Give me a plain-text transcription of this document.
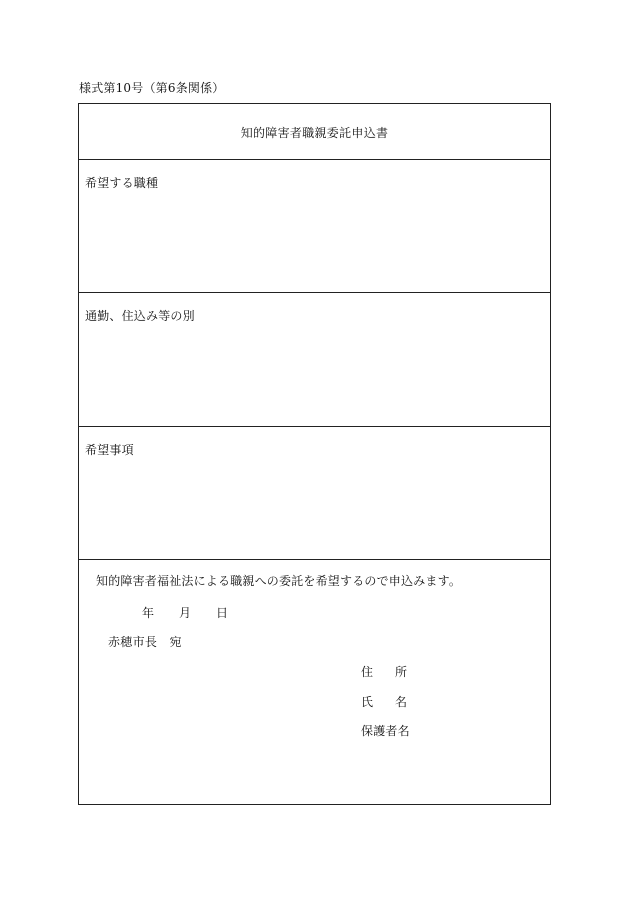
様式第10号（第6条関係）
知的障害者職親委託申込書
希望する職種
通勤、住込み等の別
希望事項
知的障害者福祉法による職親への委託を希望するので申込みます。
年 月 日
赤穂市長　宛
住 所
氏 名
保護者名
